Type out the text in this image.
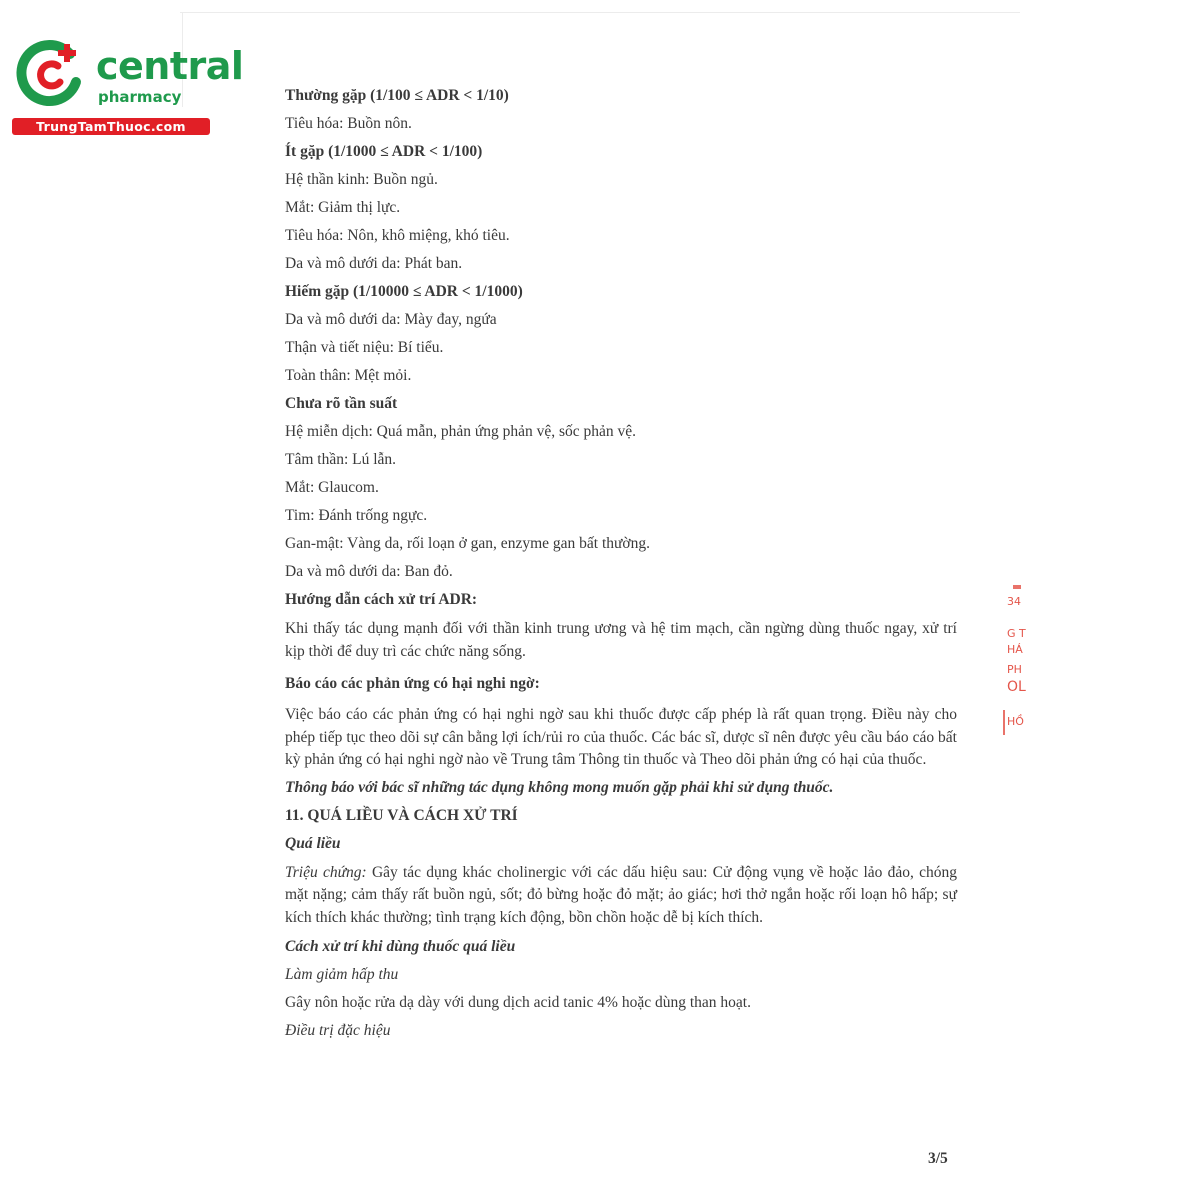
central
pharmacy
TrungTamThuoc.com

Thường gặp (1/100 ≤ ADR < 1/10)

Tiêu hóa: Buồn nôn.

Ít gặp (1/1000 ≤ ADR < 1/100)

Hệ thần kinh: Buồn ngủ.

Mắt: Giảm thị lực.

Tiêu hóa: Nôn, khô miệng, khó tiêu.

Da và mô dưới da: Phát ban.

Hiếm gặp (1/10000 ≤ ADR < 1/1000)

Da và mô dưới da: Mày đay, ngứa

Thận và tiết niệu: Bí tiểu.

Toàn thân: Mệt mỏi.

Chưa rõ tần suất

Hệ miễn dịch: Quá mẫn, phản ứng phản vệ, sốc phản vệ.

Tâm thần: Lú lẫn.

Mắt: Glaucom.

Tim: Đánh trống ngực.

Gan-mật: Vàng da, rối loạn ở gan, enzyme gan bất thường.

Da và mô dưới da: Ban đỏ.

Hướng dẫn cách xử trí ADR:

Khi thấy tác dụng mạnh đối với thần kinh trung ương và hệ tim mạch, cần ngừng dùng thuốc ngay, xử trí kịp thời để duy trì các chức năng sống.

Báo cáo các phản ứng có hại nghi ngờ:

Việc báo cáo các phản ứng có hại nghi ngờ sau khi thuốc được cấp phép là rất quan trọng. Điều này cho phép tiếp tục theo dõi sự cân bằng lợi ích/rủi ro của thuốc. Các bác sĩ, dược sĩ nên được yêu cầu báo cáo bất kỳ phản ứng có hại nghi ngờ nào về Trung tâm Thông tin thuốc và Theo dõi phản ứng có hại của thuốc.

Thông báo với bác sĩ những tác dụng không mong muốn gặp phải khi sử dụng thuốc.

11. QUÁ LIỀU VÀ CÁCH XỬ TRÍ

Quá liều

Triệu chứng: Gây tác dụng khác cholinergic với các dấu hiệu sau: Cử động vụng về hoặc lảo đảo, chóng mặt nặng; cảm thấy rất buồn ngủ, sốt; đỏ bừng hoặc đỏ mặt; ảo giác; hơi thở ngắn hoặc rối loạn hô hấp; sự kích thích khác thường; tình trạng kích động, bồn chồn hoặc dễ bị kích thích.

Cách xử trí khi dùng thuốc quá liều

Làm giảm hấp thu

Gây nôn hoặc rửa dạ dày với dung dịch acid tanic 4% hoặc dùng than hoạt.

Điều trị đặc hiệu

34
G T
HÁ
PH
OL
HỒ
3/5
